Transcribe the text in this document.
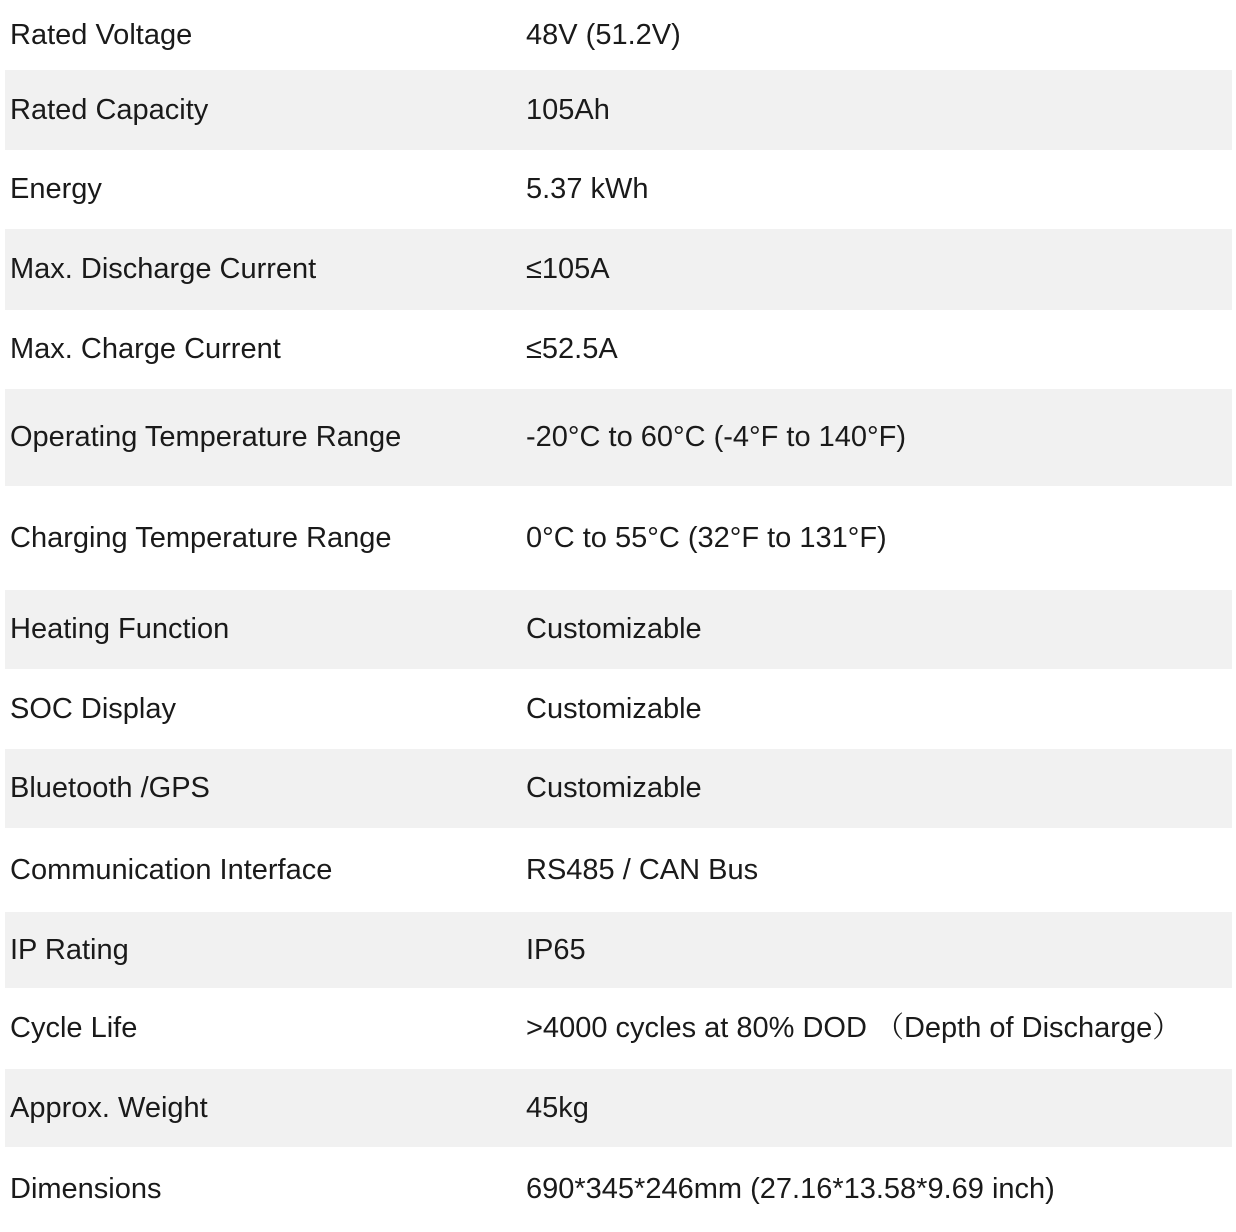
Rated Voltage	48V (51.2V)
Rated Capacity	105Ah
Energy	5.37 kWh
Max. Discharge Current	≤105A
Max. Charge Current	≤52.5A
Operating Temperature Range	-20°C to 60°C (-4°F to 140°F)
Charging Temperature Range	0°C to 55°C (32°F to 131°F)
Heating Function	Customizable
SOC Display	Customizable
Bluetooth /GPS	Customizable
Communication Interface	RS485 / CAN Bus
IP Rating	IP65
Cycle Life	>4000 cycles at 80% DOD （Depth of Discharge）
Approx. Weight	45kg
Dimensions	690*345*246mm (27.16*13.58*9.69 inch)
